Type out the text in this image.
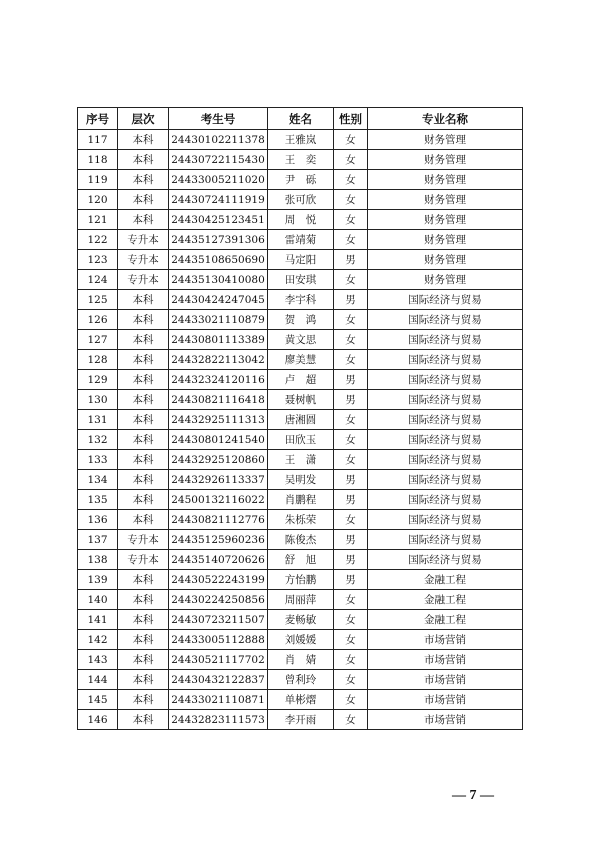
序号	层次	考生号	姓名	性别	专业名称
117	本科	24430102211378	王雅岚	女	财务管理
118	本科	24430722115430	王　奕	女	财务管理
119	本科	24433005211020	尹　砾	女	财务管理
120	本科	24430724111919	张可欣	女	财务管理
121	本科	24430425123451	周　悦	女	财务管理
122	专升本	24435127391306	雷靖菊	女	财务管理
123	专升本	24435108650690	马定阳	男	财务管理
124	专升本	24435130410080	田安琪	女	财务管理
125	本科	24430424247045	李宇科	男	国际经济与贸易
126	本科	24433021110879	贺　鸿	女	国际经济与贸易
127	本科	24430801113389	黄文思	女	国际经济与贸易
128	本科	24432822113042	廖美慧	女	国际经济与贸易
129	本科	24432324120116	卢　超	男	国际经济与贸易
130	本科	24430821116418	聂树帆	男	国际经济与贸易
131	本科	24432925111313	唐湘圆	女	国际经济与贸易
132	本科	24430801241540	田欣玉	女	国际经济与贸易
133	本科	24432925120860	王　潇	女	国际经济与贸易
134	本科	24432926113337	吴明发	男	国际经济与贸易
135	本科	24500132116022	肖鹏程	男	国际经济与贸易
136	本科	24430821112776	朱栎荣	女	国际经济与贸易
137	专升本	24435125960236	陈俊杰	男	国际经济与贸易
138	专升本	24435140720626	舒　旭	男	国际经济与贸易
139	本科	24430522243199	方怡鹏	男	金融工程
140	本科	24430224250856	周丽萍	女	金融工程
141	本科	24430723211507	麦畅敏	女	金融工程
142	本科	24433005112888	刘媛媛	女	市场营销
143	本科	24430521117702	肖　婧	女	市场营销
144	本科	24430432122837	曾利玲	女	市场营销
145	本科	24433021110871	单彬熠	女	市场营销
146	本科	24432823111573	李开雨	女	市场营销
— 7 —
